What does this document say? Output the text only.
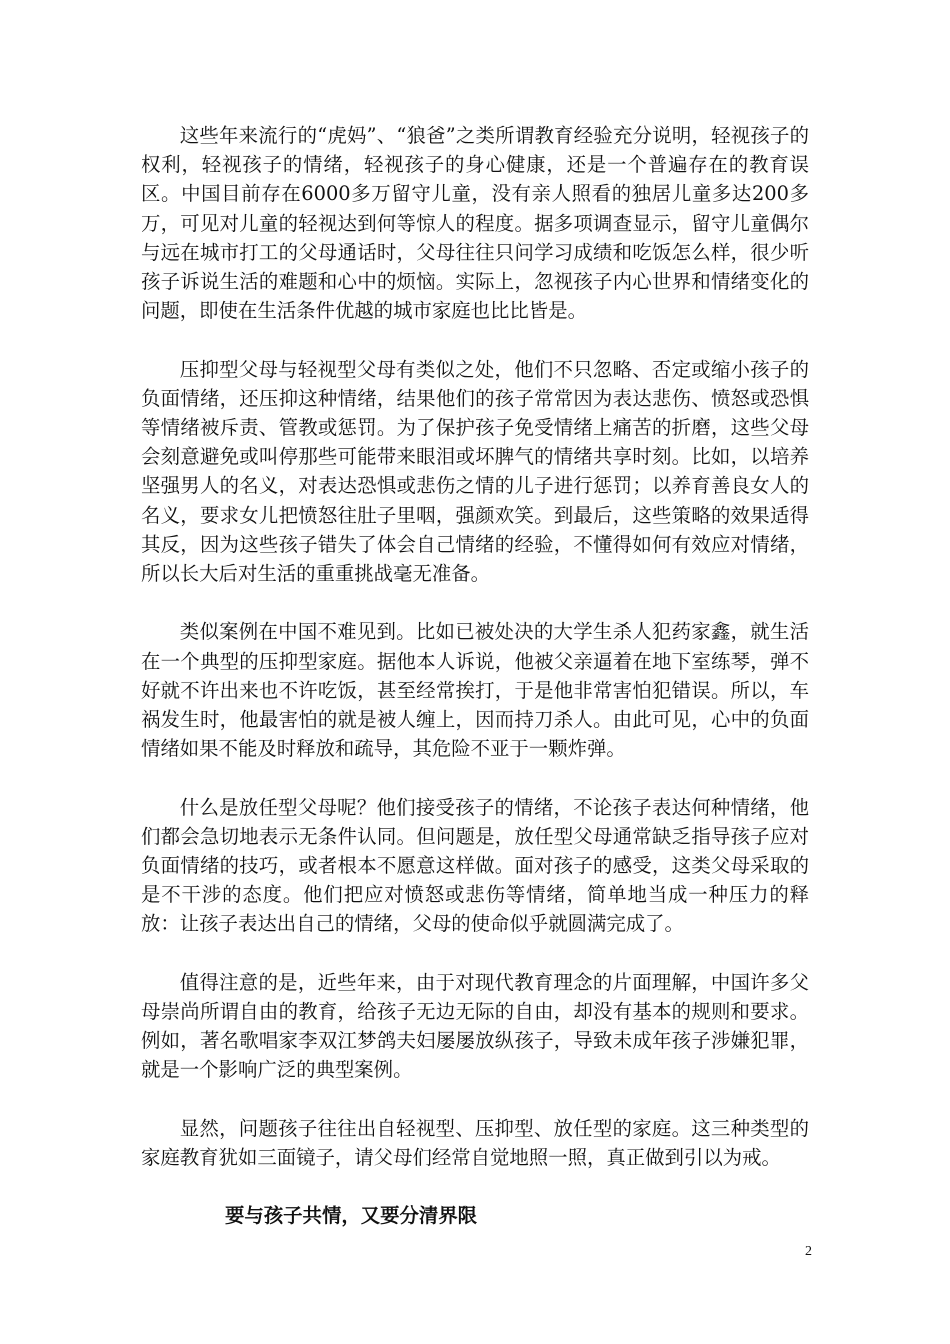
这些年来流行的“虎妈”、“狼爸”之类所谓教育经验充分说明，轻视孩子的权利，轻视孩子的情绪，轻视孩子的身心健康，还是一个普遍存在的教育误区。中国目前存在6000多万留守儿童，没有亲人照看的独居儿童多达200多万，可见对儿童的轻视达到何等惊人的程度。据多项调查显示，留守儿童偶尔与远在城市打工的父母通话时，父母往往只问学习成绩和吃饭怎么样，很少听孩子诉说生活的难题和心中的烦恼。实际上，忽视孩子内心世界和情绪变化的问题，即使在生活条件优越的城市家庭也比比皆是。

压抑型父母与轻视型父母有类似之处，他们不只忽略、否定或缩小孩子的负面情绪，还压抑这种情绪，结果他们的孩子常常因为表达悲伤、愤怒或恐惧等情绪被斥责、管教或惩罚。为了保护孩子免受情绪上痛苦的折磨，这些父母会刻意避免或叫停那些可能带来眼泪或坏脾气的情绪共享时刻。比如，以培养坚强男人的名义，对表达恐惧或悲伤之情的儿子进行惩罚；以养育善良女人的名义，要求女儿把愤怒往肚子里咽，强颜欢笑。到最后，这些策略的效果适得其反，因为这些孩子错失了体会自己情绪的经验，不懂得如何有效应对情绪，所以长大后对生活的重重挑战毫无准备。

类似案例在中国不难见到。比如已被处决的大学生杀人犯药家鑫，就生活在一个典型的压抑型家庭。据他本人诉说，他被父亲逼着在地下室练琴，弹不好就不许出来也不许吃饭，甚至经常挨打，于是他非常害怕犯错误。所以，车祸发生时，他最害怕的就是被人缠上，因而持刀杀人。由此可见，心中的负面情绪如果不能及时释放和疏导，其危险不亚于一颗炸弹。

什么是放任型父母呢？他们接受孩子的情绪，不论孩子表达何种情绪，他们都会急切地表示无条件认同。但问题是，放任型父母通常缺乏指导孩子应对负面情绪的技巧，或者根本不愿意这样做。面对孩子的感受，这类父母采取的是不干涉的态度。他们把应对愤怒或悲伤等情绪，简单地当成一种压力的释放：让孩子表达出自己的情绪，父母的使命似乎就圆满完成了。

值得注意的是，近些年来，由于对现代教育理念的片面理解，中国许多父母崇尚所谓自由的教育，给孩子无边无际的自由，却没有基本的规则和要求。例如，著名歌唱家李双江梦鸽夫妇屡屡放纵孩子，导致未成年孩子涉嫌犯罪，就是一个影响广泛的典型案例。

显然，问题孩子往往出自轻视型、压抑型、放任型的家庭。这三种类型的家庭教育犹如三面镜子，请父母们经常自觉地照一照，真正做到引以为戒。

要与孩子共情，又要分清界限

2
